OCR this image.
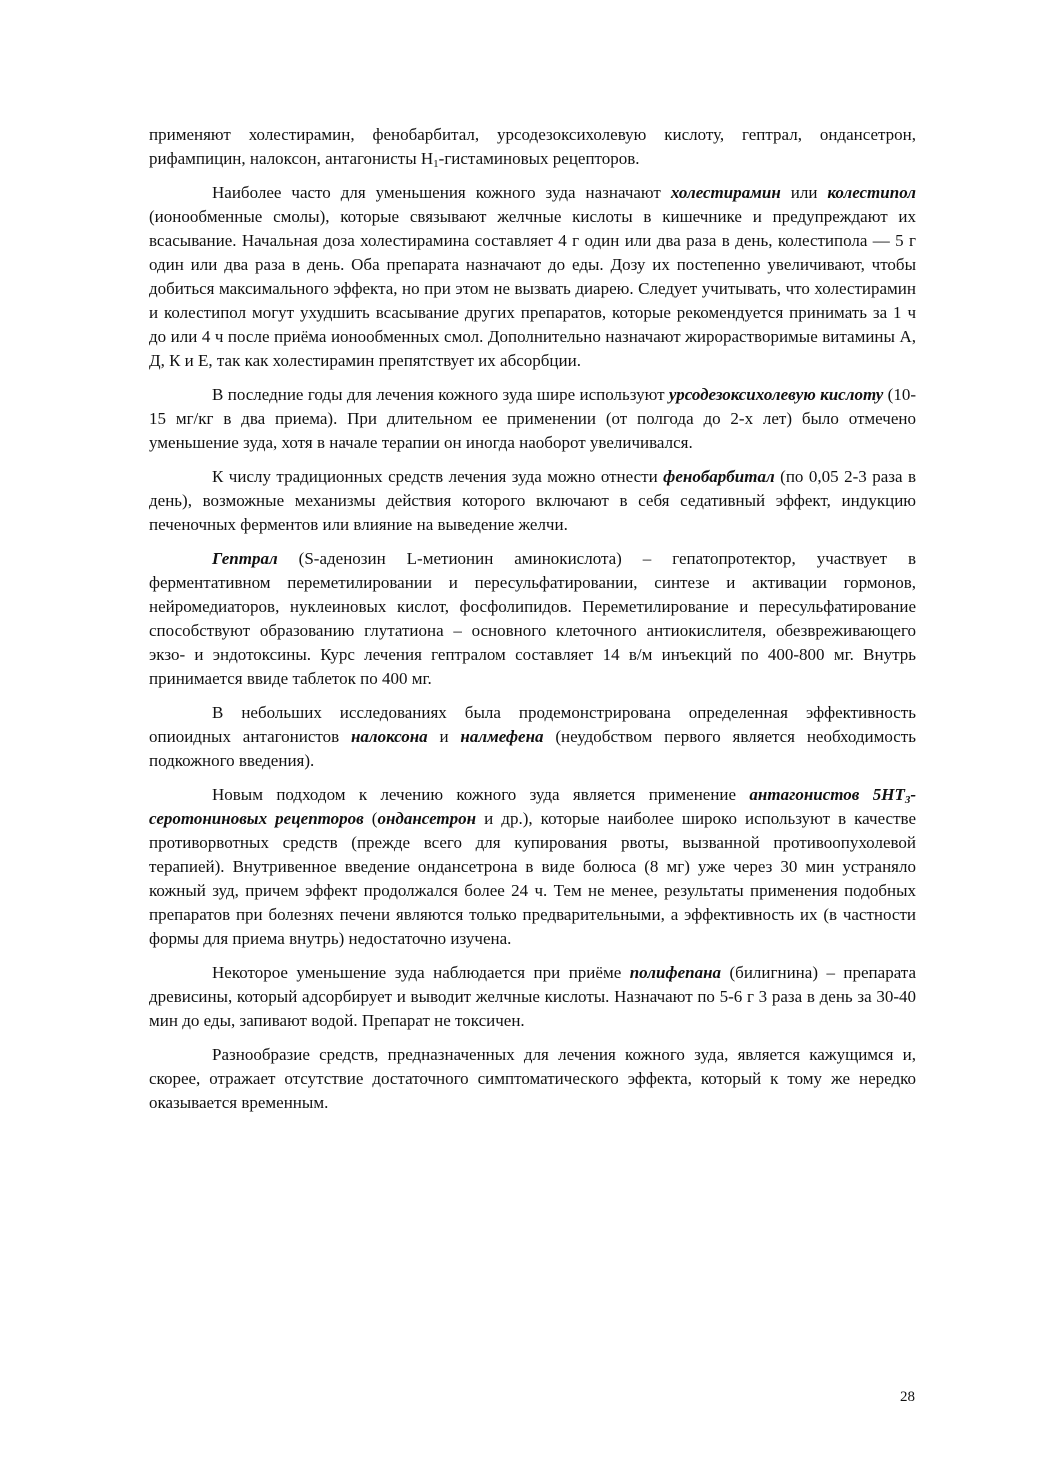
применяют холестирамин, фенобарбитал, урсодезоксихолевую кислоту, гептрал, ондансетрон, рифампицин, налоксон, антагонисты $Н_1$-гистаминовых рецепторов.

Наиболее часто для уменьшения кожного зуда назначают холестирамин или колестипол (ионообменные смолы), которые связывают желчные кислоты в кишечнике и предупреждают их всасывание. Начальная доза холестирамина составляет 4 г один или два раза в день, колестипола — 5 г один или два раза в день. Оба препарата назначают до еды. Дозу их постепенно увеличивают, чтобы добиться максимального эффекта, но при этом не вызвать диарею. Следует учитывать, что холестирамин и колестипол могут ухудшить всасывание других препаратов, которые рекомендуется принимать за 1 ч до или 4 ч после приёма ионообменных смол. Дополнительно назначают жирорастворимые витамины А, Д, К и Е, так как холестирамин препятствует их абсорбции.

В последние годы для лечения кожного зуда шире используют урсодезоксихолевую кислоту (10-15 мг/кг в два приема). При длительном ее применении (от полгода до 2-х лет) было отмечено уменьшение зуда, хотя в начале терапии он иногда наоборот увеличивался.

К числу традиционных средств лечения зуда можно отнести фенобарбитал (по 0,05 2-3 раза в день), возможные механизмы действия которого включают в себя седативный эффект, индукцию печеночных ферментов или влияние на выведение желчи.

Гептрал (S-аденозин L-метионин аминокислота) – гепатопротектор, участвует в ферментативном переметилировании и пересульфатировании, синтезе и активации гормонов, нейромедиаторов, нуклеиновых кислот, фосфолипидов. Переметилирование и пересульфатирование способствуют образованию глутатиона – основного клеточного антиокислителя, обезвреживающего экзо- и эндотоксины. Курс лечения гептралом составляет 14 в/м инъекций по 400-800 мг. Внутрь принимается ввиде таблеток по 400 мг.

В небольших исследованиях была продемонстрирована определенная эффективность опиоидных антагонистов налоксона и налмефена (неудобством первого является необходимость подкожного введения).

Новым подходом к лечению кожного зуда является применение антагонистов $5НТ_3$-серотониновых рецепторов (ондансетрон и др.), которые наиболее широко используют в качестве противорвотных средств (прежде всего для купирования рвоты, вызванной противоопухолевой терапией). Внутривенное введение ондансетрона в виде болюса (8 мг) уже через 30 мин устраняло кожный зуд, причем эффект продолжался более 24 ч. Тем не менее, результаты применения подобных препаратов при болезнях печени являются только предварительными, а эффективность их (в частности формы для приема внутрь) недостаточно изучена.

Некоторое уменьшение зуда наблюдается при приёме полифепана (билигнина) – препарата древисины, который адсорбирует и выводит желчные кислоты. Назначают по 5-6 г 3 раза в день за 30-40 мин до еды, запивают водой. Препарат не токсичен.

Разнообразие средств, предназначенных для лечения кожного зуда, является кажущимся и, скорее, отражает отсутствие достаточного симптоматического эффекта, который к тому же нередко оказывается временным.

28
